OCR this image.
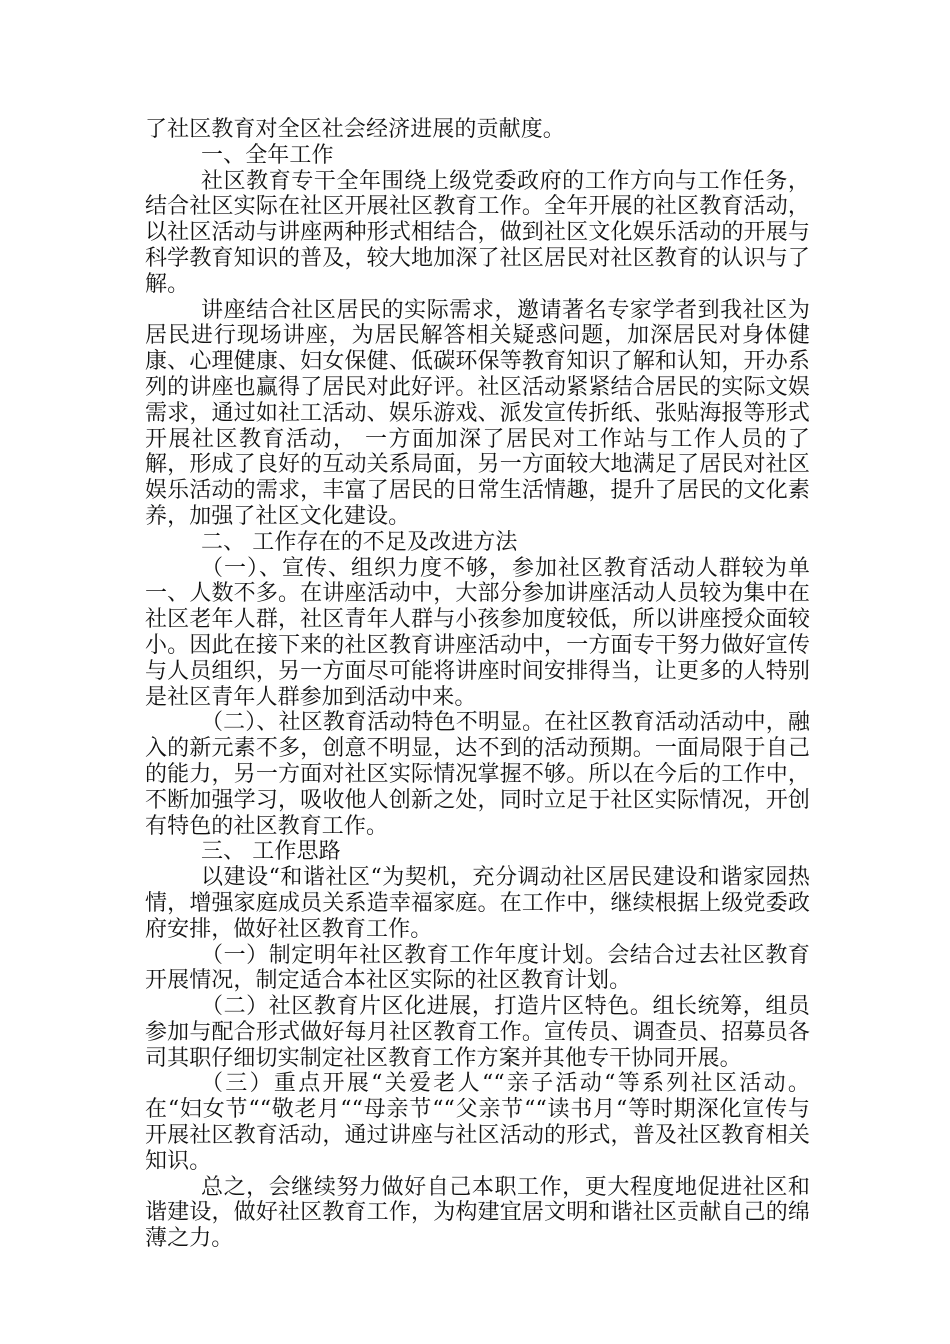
了社区教育对全区社会经济进展的贡献度。

一、全年工作

社区教育专干全年围绕上级党委政府的工作方向与工作任务，结合社区实际在社区开展社区教育工作。全年开展的社区教育活动，以社区活动与讲座两种形式相结合，做到社区文化娱乐活动的开展与科学教育知识的普及，较大地加深了社区居民对社区教育的认识与了解。

讲座结合社区居民的实际需求，邀请著名专家学者到我社区为居民进行现场讲座，为居民解答相关疑惑问题，加深居民对身体健康、心理健康、妇女保健、低碳环保等教育知识了解和认知，开办系列的讲座也赢得了居民对此好评。社区活动紧紧结合居民的实际文娱需求，通过如社工活动、娱乐游戏、派发宣传折纸、张贴海报等形式开展社区教育活动， 一方面加深了居民对工作站与工作人员的了解，形成了良好的互动关系局面，另一方面较大地满足了居民对社区娱乐活动的需求，丰富了居民的日常生活情趣，提升了居民的文化素养，加强了社区文化建设。

二、 工作存在的不足及改进方法

（一）、宣传、组织力度不够，参加社区教育活动人群较为单一、人数不多。在讲座活动中，大部分参加讲座活动人员较为集中在社区老年人群，社区青年人群与小孩参加度较低，所以讲座授众面较小。因此在接下来的社区教育讲座活动中，一方面专干努力做好宣传与人员组织，另一方面尽可能将讲座时间安排得当，让更多的人特别是社区青年人群参加到活动中来。

（二）、社区教育活动特色不明显。在社区教育活动活动中，融入的新元素不多，创意不明显，达不到的活动预期。一面局限于自己的能力，另一方面对社区实际情况掌握不够。所以在今后的工作中，不断加强学习，吸收他人创新之处，同时立足于社区实际情况，开创有特色的社区教育工作。

三、 工作思路

以建设“和谐社区“为契机，充分调动社区居民建设和谐家园热情，增强家庭成员关系造幸福家庭。在工作中，继续根据上级党委政府安排，做好社区教育工作。

（一）制定明年社区教育工作年度计划。会结合过去社区教育开展情况，制定适合本社区实际的社区教育计划。

（二）社区教育片区化进展，打造片区特色。组长统筹，组员参加与配合形式做好每月社区教育工作。宣传员、调查员、招募员各司其职仔细切实制定社区教育工作方案并其他专干协同开展。

（三）重点开展“关爱老人““亲子活动“等系列社区活动。在“妇女节““敬老月““母亲节““父亲节““读书月“等时期深化宣传与开展社区教育活动，通过讲座与社区活动的形式，普及社区教育相关知识。

总之，会继续努力做好自己本职工作，更大程度地促进社区和谐建设，做好社区教育工作，为构建宜居文明和谐社区贡献自己的绵薄之力。
